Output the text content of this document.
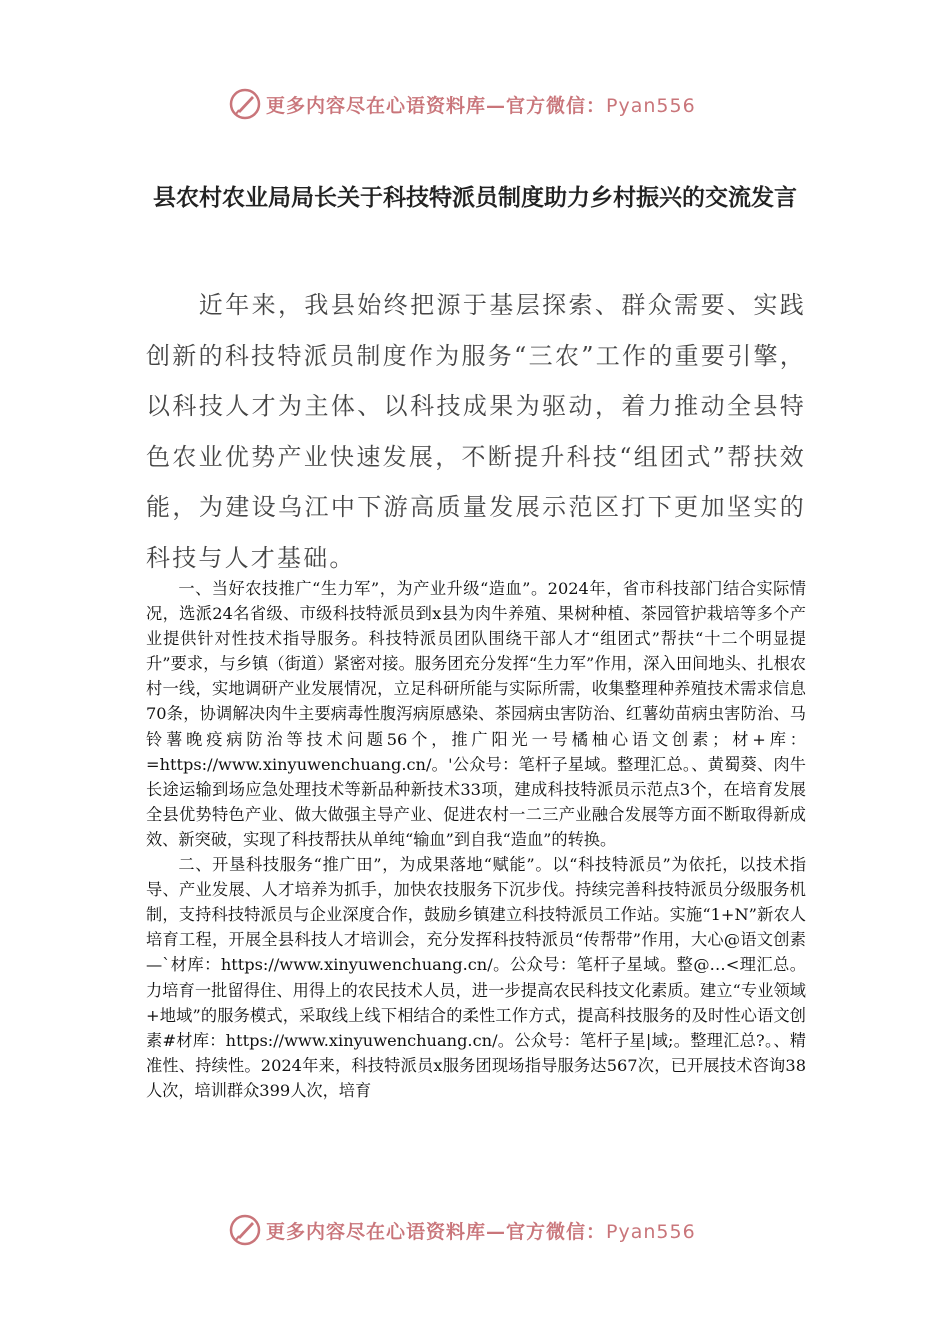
更多内容尽在心语资料库—官方微信：Pyan556
县农村农业局局长关于科技特派员制度助力乡村振兴的交流发言

近年来，我县始终把源于基层探索、群众需要、实践创新的科技特派员制度作为服务“三农”工作的重要引擎，以科技人才为主体、以科技成果为驱动，着力推动全县特色农业优势产业快速发展，不断提升科技“组团式”帮扶效能，为建设乌江中下游高质量发展示范区打下更加坚实的科技与人才基础。

一、当好农技推广“生力军”，为产业升级“造血”。2024年，省市科技部门结合实际情况，选派24名省级、市级科技特派员到x县为肉牛养殖、果树种植、茶园管护栽培等多个产业提供针对性技术指导服务。科技特派员团队围绕干部人才“组团式”帮扶“十二个明显提升”要求，与乡镇（街道）紧密对接。服务团充分发挥“生力军”作用，深入田间地头、扎根农村一线，实地调研产业发展情况，立足科研所能与实际所需，收集整理种养殖技术需求信息70条，协调解决肉牛主要病毒性腹泻病原感染、茶园病虫害防治、红薯幼苗病虫害防治、马铃薯晚疫病防治等技术问题56个，推广阳光一号橘柚心语文创素；材+库：=https://www.xinyuwenchuang.cn/。'公众号：笔杆子星域。整理汇总。、黄蜀葵、肉牛长途运输到场应急处理技术等新品种新技术33项，建成科技特派员示范点3个，在培育发展全县优势特色产业、做大做强主导产业、促进农村一二三产业融合发展等方面不断取得新成效、新突破，实现了科技帮扶从单纯“输血”到自我“造血”的转换。

二、开垦科技服务“推广田”，为成果落地“赋能”。以“科技特派员”为依托，以技术指导、产业发展、人才培养为抓手，加快农技服务下沉步伐。持续完善科技特派员分级服务机制，支持科技特派员与企业深度合作，鼓励乡镇建立科技特派员工作站。实施“1+N”新农人培育工程，开展全县科技人才培训会，充分发挥科技特派员“传帮带”作用，大心@语文创素—`材库：https://www.xinyuwenchuang.cn/。公众号：笔杆子星域。整@…<理汇总。力培育一批留得住、用得上的农民技术人员，进一步提高农民科技文化素质。建立“专业领域+地域”的服务模式，采取线上线下相结合的柔性工作方式，提高科技服务的及时性心语文创素#材库：https://www.xinyuwenchuang.cn/。公众号：笔杆子星|域;。整理汇总?。、精准性、持续性。2024年来，科技特派员x服务团现场指导服务达567次，已开展技术咨询38人次，培训群众399人次，培育

更多内容尽在心语资料库—官方微信：Pyan556
